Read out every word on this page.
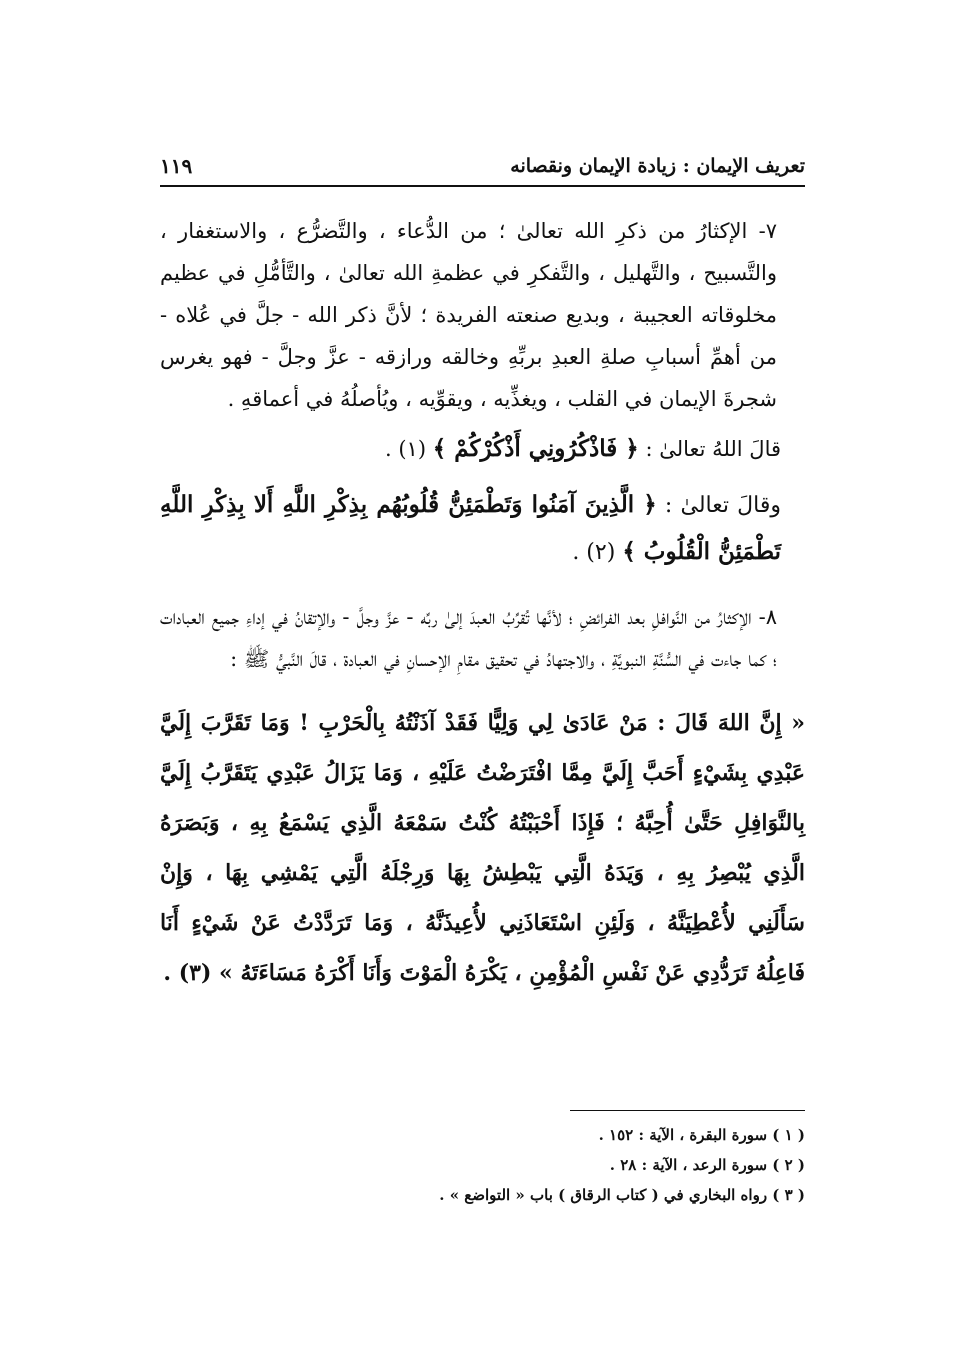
تعريف الإيمان : زيادة الإيمان ونقصانه
١١٩

٧- الإكثارُ من ذكرِ الله تعالىٰ ؛ من الدُّعاء ، والتَّضرُّع ، والاستغفار ، والتَّسبيح ، والتَّهليل ، والتَّفكرِ في عظمةِ الله تعالىٰ ، والتَّأمُّلِ في عظيم مخلوقاته العجيبة ، وبديع صنعته الفريدة ؛ لأنَّ ذكر الله - جلَّ في عُلاه - من أهمِّ أسبابِ صلةِ العبدِ بربِّهِ وخالقه ورازقه - عزَّ وجلَّ - فهو يغرس شجرةَ الإيمان في القلب ، ويغذِّيه ، ويقوِّيه ، ويُأصلُهُ في أعماقهِ .

قالَ اللهُ تعالىٰ : ﴿ فَاذْكُرُونِي أَذْكُرْكُمْ ﴾ (١) .

وقالَ تعالىٰ : ﴿ الَّذِينَ آمَنُوا وَتَطْمَئِنُّ قُلُوبُهُم بِذِكْرِ اللَّهِ أَلا بِذِكْرِ اللَّهِ تَطْمَئِنُّ الْقُلُوبُ ﴾ (٢) .

٨- الإكثارُ من النَّوافلِ بعد الفرائضِ ؛ لأنَّها تُقرِّبُ العبدَ إلىٰ ربِّه - عزَّ وجلَّ - والإتقانُ في إداءِ جميع العبادات ؛ كما جاءت في السُّنَّةِ النبويَّةِ ، والاجتهادُ في تحقيق مقامِ الإحسانِ في العبادة ، قالَ النَّبيُّ ﷺ :

« إِنَّ اللهَ قَالَ : مَنْ عَادَىٰ لِي وَلِيًّا فَقَدْ آذَنْتُهُ بِالْحَرْبِ ! وَمَا تَقَرَّبَ إِلَيَّ عَبْدِي بِشَيْءٍ أَحَبَّ إِلَيَّ مِمَّا افْتَرَضْتُ عَلَيْهِ ، وَمَا يَزَالُ عَبْدِي يَتَقَرَّبُ إِلَيَّ بِالنَّوَافِلِ حَتَّىٰ أُحِبَّهُ ؛ فَإِذَا أَحْبَبْتُهُ كُنْتُ سَمْعَهُ الَّذِي يَسْمَعُ بِهِ ، وَبَصَرَهُ الَّذِي يُبْصِرُ بِهِ ، وَيَدَهُ الَّتِي يَبْطِشُ بِهَا وَرِجْلَهُ الَّتِي يَمْشِي بِهَا ، وَإِنْ سَأَلَنِي لأُعْطِيَنَّهُ ، وَلَئِنِ اسْتَعَاذَنِي لأُعِيذَنَّهُ ، وَمَا تَرَدَّدْتُ عَنْ شَيْءٍ أَنَا فَاعِلُهُ تَرَدُّدِي عَنْ نَفْسِ الْمُؤْمِنِ ، يَكْرَهُ الْمَوْتَ وَأَنَا أَكْرَهُ مَسَاءَتَهُ » (٣) .

( ١ ) سورة البقرة ، الآية : ١٥٢ .
( ٢ ) سورة الرعد ، الآية : ٢٨ .
( ٣ ) رواه البخاري في ( كتاب الرقاق ) باب « التواضع » .
